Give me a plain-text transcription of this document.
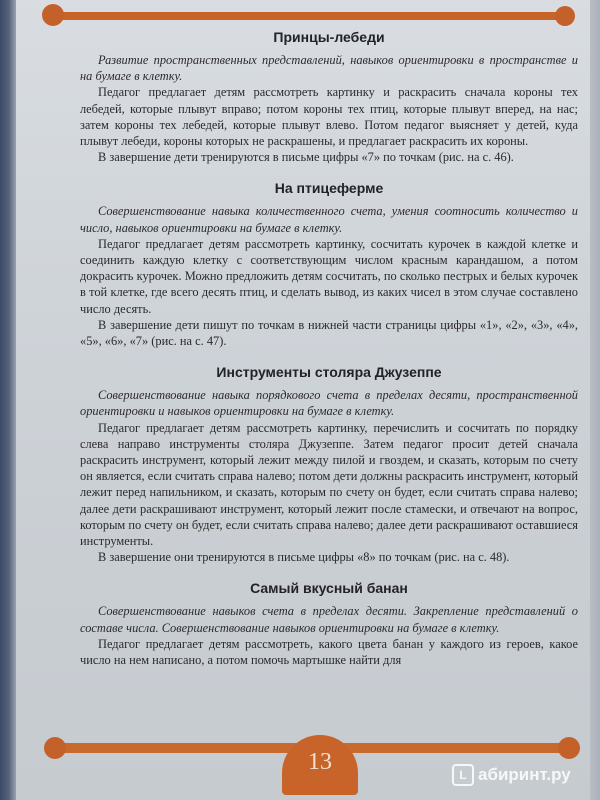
Принцы-лебеди

Развитие пространственных представлений, навыков ориентировки в пространстве и на бумаге в клетку.

Педагог предлагает детям рассмотреть картинку и раскрасить сначала короны тех лебедей, которые плывут вправо; потом короны тех птиц, которые плывут вперед, на нас; затем короны тех лебедей, которые плывут влево. Потом педагог выясняет у детей, куда плывут лебеди, короны которых не раскрашены, и предлагает раскрасить их короны.

В завершение дети тренируются в письме цифры «7» по точкам (рис. на с. 46).

На птицеферме

Совершенствование навыка количественного счета, умения соотносить количество и число, навыков ориентировки на бумаге в клетку.

Педагог предлагает детям рассмотреть картинку, сосчитать курочек в каждой клетке и соединить каждую клетку с соответствующим числом красным карандашом, а потом докрасить курочек. Можно предложить детям сосчитать, по сколько пестрых и белых курочек в той клетке, где всего десять птиц, и сделать вывод, из каких чисел в этом случае составлено число десять.

В завершение дети пишут по точкам в нижней части страницы цифры «1», «2», «3», «4», «5», «6», «7» (рис. на с. 47).

Инструменты столяра Джузеппе

Совершенствование навыка порядкового счета в пределах десяти, пространственной ориентировки и навыков ориентировки на бумаге в клетку.

Педагог предлагает детям рассмотреть картинку, перечислить и сосчитать по порядку слева направо инструменты столяра Джузеппе. Затем педагог просит детей сначала раскрасить инструмент, который лежит между пилой и гвоздем, и сказать, которым по счету он является, если считать справа налево; потом дети должны раскрасить инструмент, который лежит перед напильником, и сказать, которым по счету он будет, если считать справа налево; далее дети раскрашивают инструмент, который лежит после стамески, и отвечают на вопрос, которым по счету он будет, если считать справа налево; далее дети раскрашивают оставшиеся инструменты.

В завершение они тренируются в письме цифры «8» по точкам (рис. на с. 48).

Самый вкусный банан

Совершенствование навыков счета в пределах десяти. Закрепление представлений о составе числа. Совершенствование навыков ориентировки на бумаге в клетку.

Педагог предлагает детям рассмотреть, какого цвета банан у каждого из героев, какое число на нем написано, а потом помочь мартышке найти для

13	L абиринт.ру
